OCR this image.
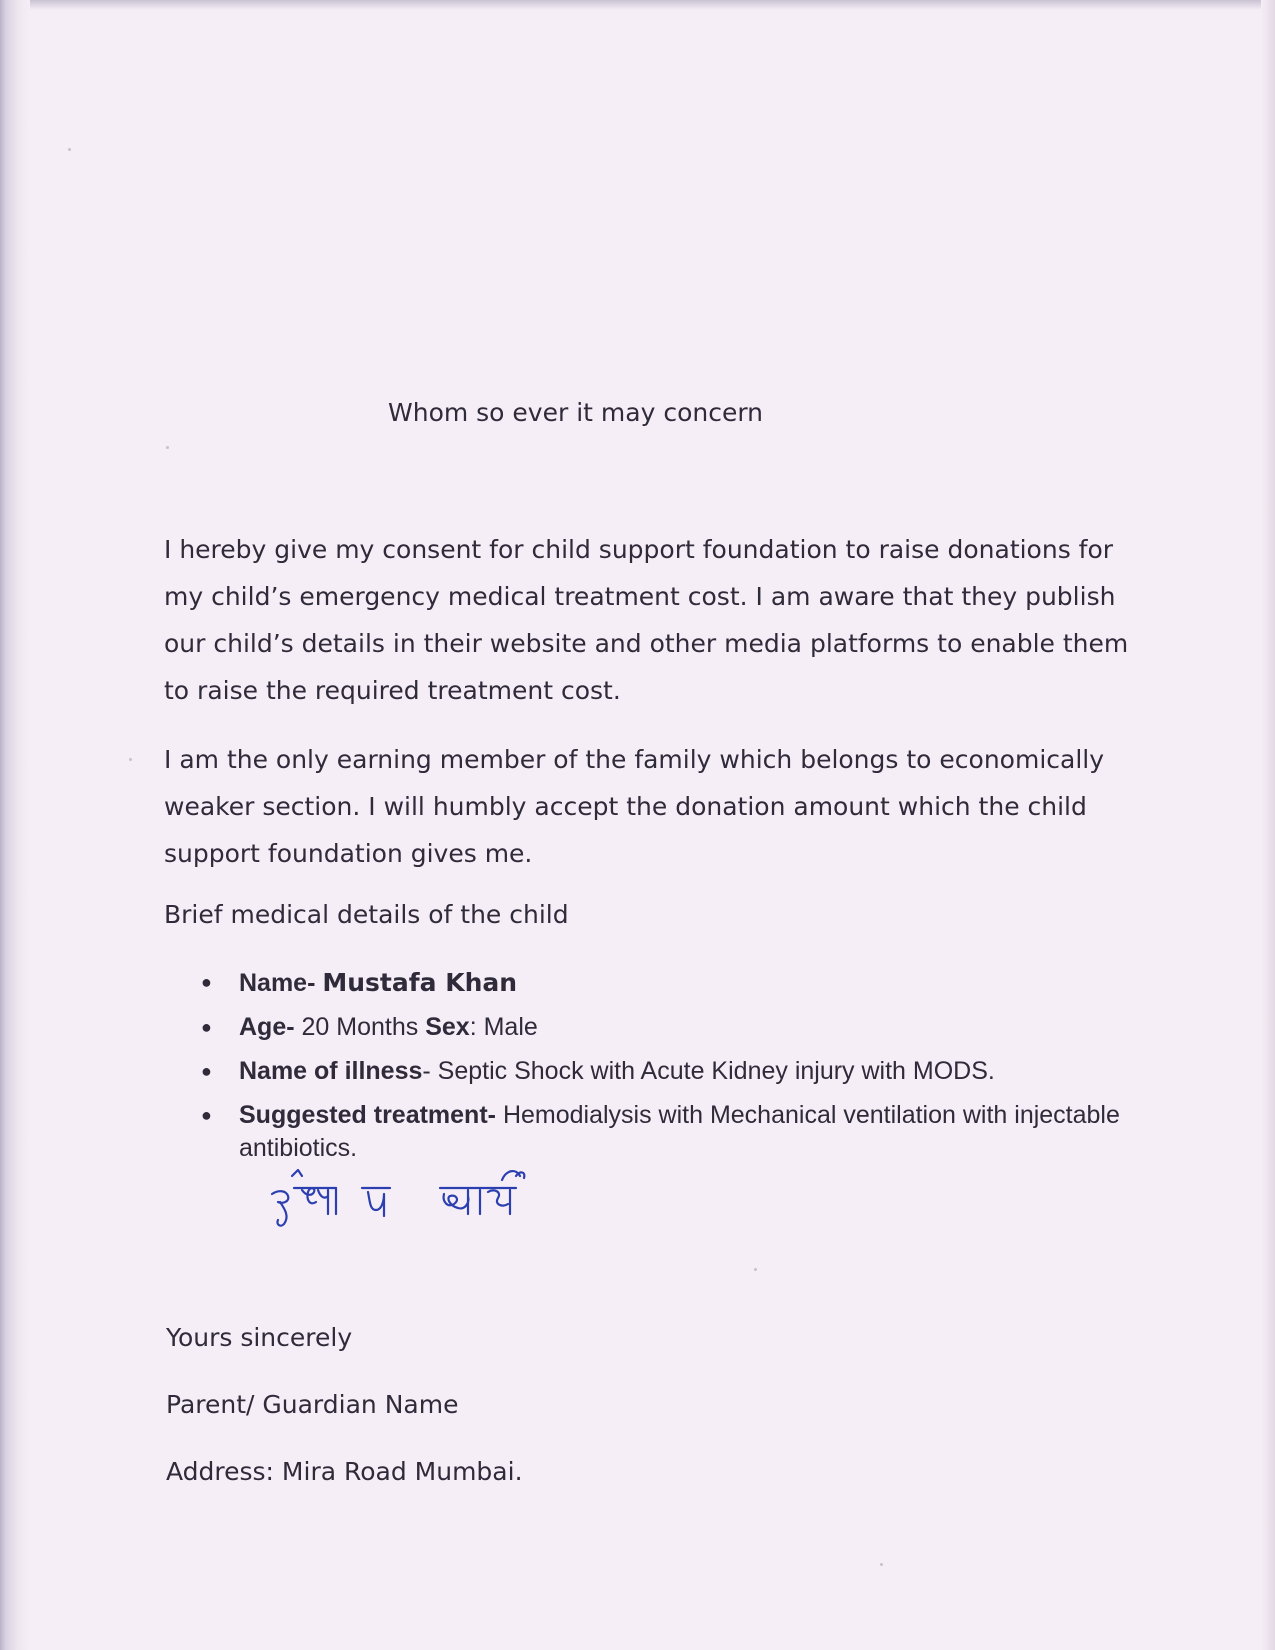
Whom so ever it may concern

I hereby give my consent for child support foundation to raise donations for my child’s emergency medical treatment cost. I am aware that they publish our child’s details in their website and other media platforms to enable them to raise the required treatment cost.

I am the only earning member of the family which belongs to economically weaker section. I will humbly accept the donation amount which the child support foundation gives me.

Brief medical details of the child

● Name- Mustafa Khan
● Age- 20 Months Sex: Male
● Name of illness- Septic Shock with Acute Kidney injury with MODS.
● Suggested treatment- Hemodialysis with Mechanical ventilation with injectable antibiotics.

Yours sincerely

Parent/ Guardian Name

Address: Mira Road Mumbai.
